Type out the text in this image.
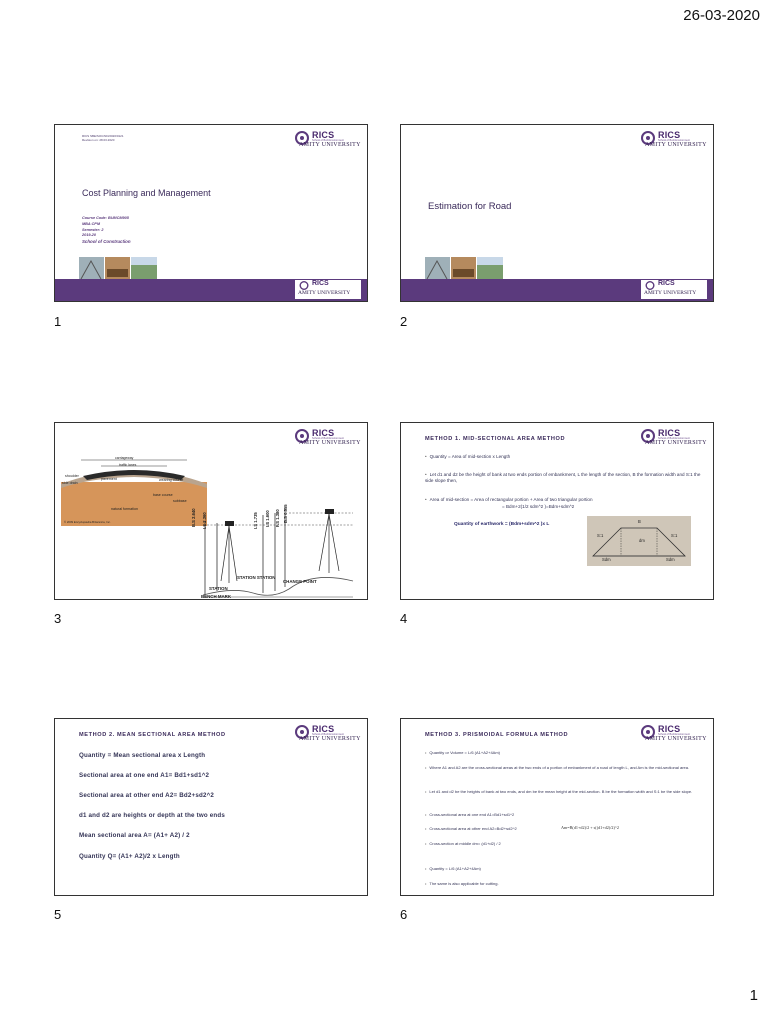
26-03-2020
RICS SBE/SOC/ND/2020/0121
Revision on: 28.03.2020
Cost Planning and Management
Course Code: BUMCM905
MBA CPM
Semester: 2
2019-20
School of Construction
RICS
School of Built Environment
AMITY UNIVERSITY
RICS
AMITY UNIVERSITY
1
RICS
School of Built Environment
AMITY UNIVERSITY
Estimation for Road
RICS
AMITY UNIVERSITY
2
RICS
School of Built Environment
AMITY UNIVERSITY
carriageway
traffic lanes
shoulder
side drain
pavement	wearing course
base course
subbase
natural formation
© 2009 Encyclopædia Britannica, Inc.	B.S 2.640 I.S 2.360	I.S 1.735 I.S 1.600 F.S 1.380 B.S 0.555
STATION STATION
CHANGE POINT
STATION
BENCH MARK
3
METHOD 1. MID-SECTIONAL AREA METHOD
RICS
School of Built Environment
AMITY UNIVERSITY
• Quantity = Area of mid-section x Length
• Let d1 and d2 be the height of bank at two ends portion of embankment, L the length of the section, B the formation width and S:1 the side slope then,
• Area of mid-section = Area of rectangular portion + Area of two triangular portion
= Bdm+2(1/2 sdm^2 )=Bdm+sdm^2
Quantity of earthwork = (Bdm+sdm^2 )x L
B
dm
S:1	S:1
Sdm	Sdm
4
METHOD 2. MEAN SECTIONAL AREA METHOD
RICS
School of Built Environment
AMITY UNIVERSITY
Quantity = Mean sectional area x Length
Sectional area at one end A1= Bd1+sd1^2
Sectional area at other end A2= Bd2+sd2^2
d1 and d2 are heights or depth at the two ends
Mean sectional area A= (A1+ A2) / 2
Quantity Q= (A1+ A2)/2 x Length
5
METHOD 3. PRISMOIDAL FORMULA METHOD
RICS
School of Built Environment
AMITY UNIVERSITY
• Quantity or Volume = L/6 (A1+A2+4Am)
• Where A1 and A2 are the cross-sectional areas at the two ends of a portion of embankment of a road of length L, and Am is the mid-sectional area.
• Let d1 and d2 be the heights of bank at two ends, and dm be the mean height at the mid-section. B be the formation width and S:1 be the side slope.
• Cross-sectional area at one end A1=Bd1+sd1^2
• Cross-sectional area at other end A2=Bd2+sd2^2	Am=B(d1+d2)/2 + s((d1+d2)/2)^2
• Cross-section at middle dm= (d1+d2) / 2
• Quantity = L/6 (A1+A2+4Am)
• The same is also applicable for cutting.
6
1
